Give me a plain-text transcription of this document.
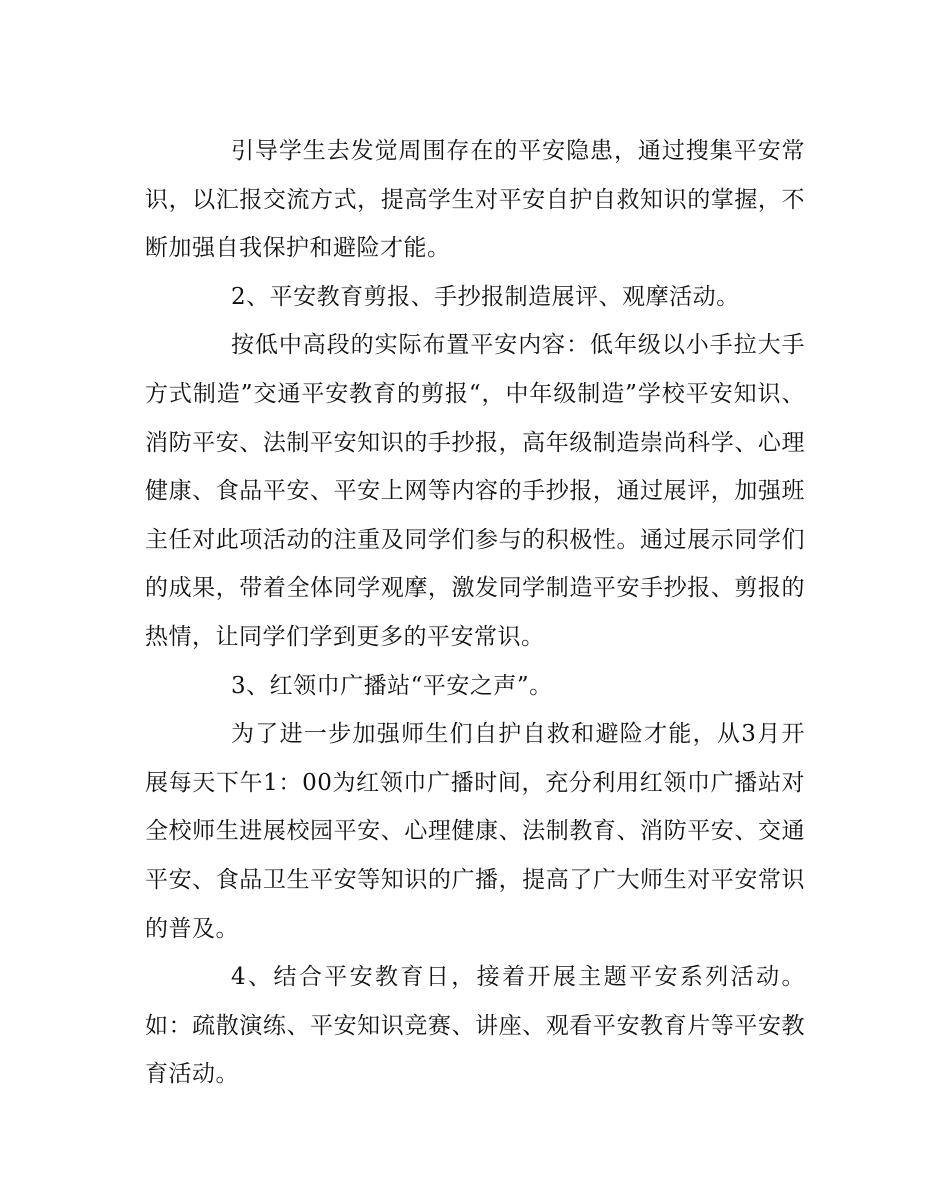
引导学生去发觉周围存在的平安隐患，通过搜集平安常识，以汇报交流方式，提高学生对平安自护自救知识的掌握，不断加强自我保护和避险才能。

2、平安教育剪报、手抄报制造展评、观摩活动。

按低中高段的实际布置平安内容：低年级以小手拉大手方式制造”交通平安教育的剪报“，中年级制造”学校平安知识、消防平安、法制平安知识的手抄报，高年级制造崇尚科学、心理健康、食品平安、平安上网等内容的手抄报，通过展评，加强班主任对此项活动的注重及同学们参与的积极性。通过展示同学们的成果，带着全体同学观摩，激发同学制造平安手抄报、剪报的热情，让同学们学到更多的平安常识。

3、红领巾广播站“平安之声”。

为了进一步加强师生们自护自救和避险才能，从3月开展每天下午1：00为红领巾广播时间，充分利用红领巾广播站对全校师生进展校园平安、心理健康、法制教育、消防平安、交通平安、食品卫生平安等知识的广播，提高了广大师生对平安常识的普及。

4、结合平安教育日，接着开展主题平安系列活动。如：疏散演练、平安知识竞赛、讲座、观看平安教育片等平安教育活动。
